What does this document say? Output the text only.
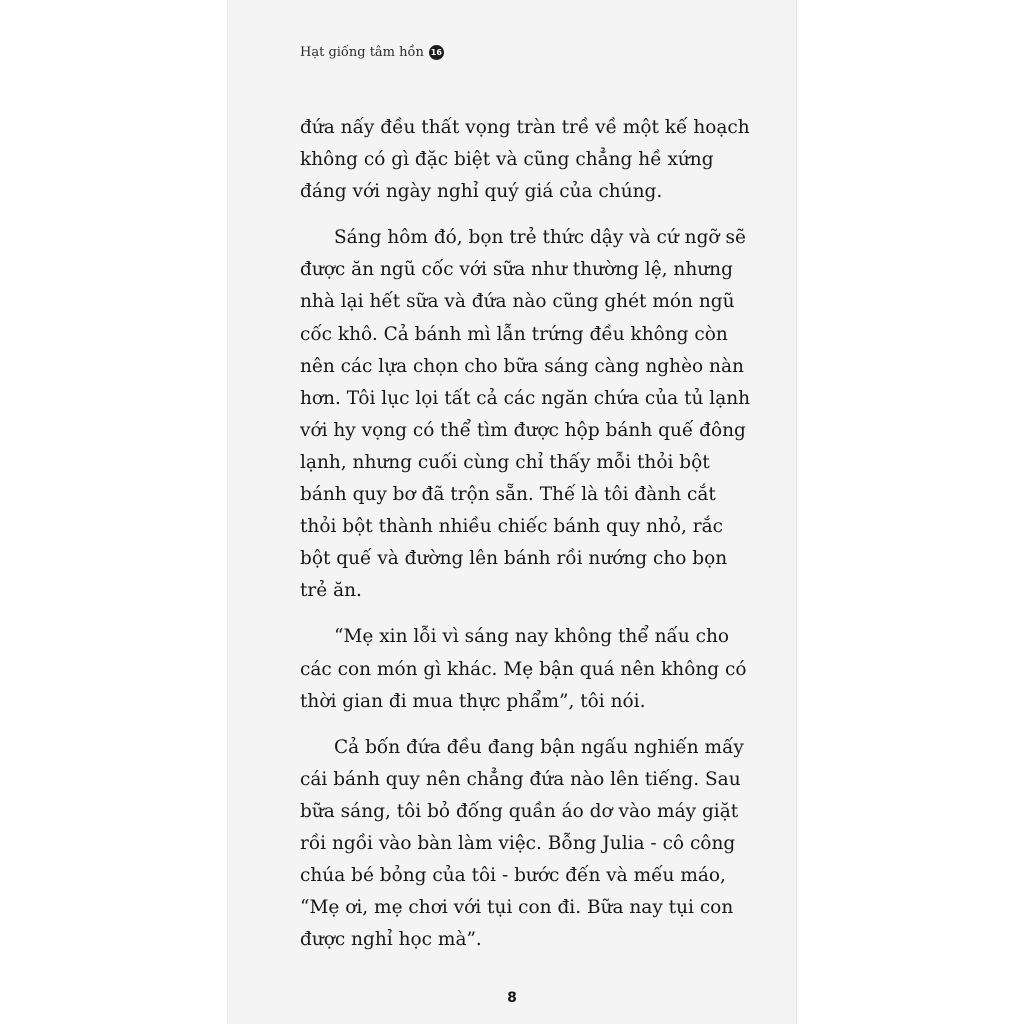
Hạt giống tâm hồn 16

đứa nấy đều thất vọng tràn trề về một kế hoạch không có gì đặc biệt và cũng chẳng hề xứng đáng với ngày nghỉ quý giá của chúng.

Sáng hôm đó, bọn trẻ thức dậy và cứ ngỡ sẽ được ăn ngũ cốc với sữa như thường lệ, nhưng nhà lại hết sữa và đứa nào cũng ghét món ngũ cốc khô. Cả bánh mì lẫn trứng đều không còn nên các lựa chọn cho bữa sáng càng nghèo nàn hơn. Tôi lục lọi tất cả các ngăn chứa của tủ lạnh với hy vọng có thể tìm được hộp bánh quế đông lạnh, nhưng cuối cùng chỉ thấy mỗi thỏi bột bánh quy bơ đã trộn sẵn. Thế là tôi đành cắt thỏi bột thành nhiều chiếc bánh quy nhỏ, rắc bột quế và đường lên bánh rồi nướng cho bọn trẻ ăn.

“Mẹ xin lỗi vì sáng nay không thể nấu cho các con món gì khác. Mẹ bận quá nên không có thời gian đi mua thực phẩm”, tôi nói.

Cả bốn đứa đều đang bận ngấu nghiến mấy cái bánh quy nên chẳng đứa nào lên tiếng. Sau bữa sáng, tôi bỏ đống quần áo dơ vào máy giặt rồi ngồi vào bàn làm việc. Bỗng Julia - cô công chúa bé bỏng của tôi - bước đến và mếu máo, “Mẹ ơi, mẹ chơi với tụi con đi. Bữa nay tụi con được nghỉ học mà”.

8
